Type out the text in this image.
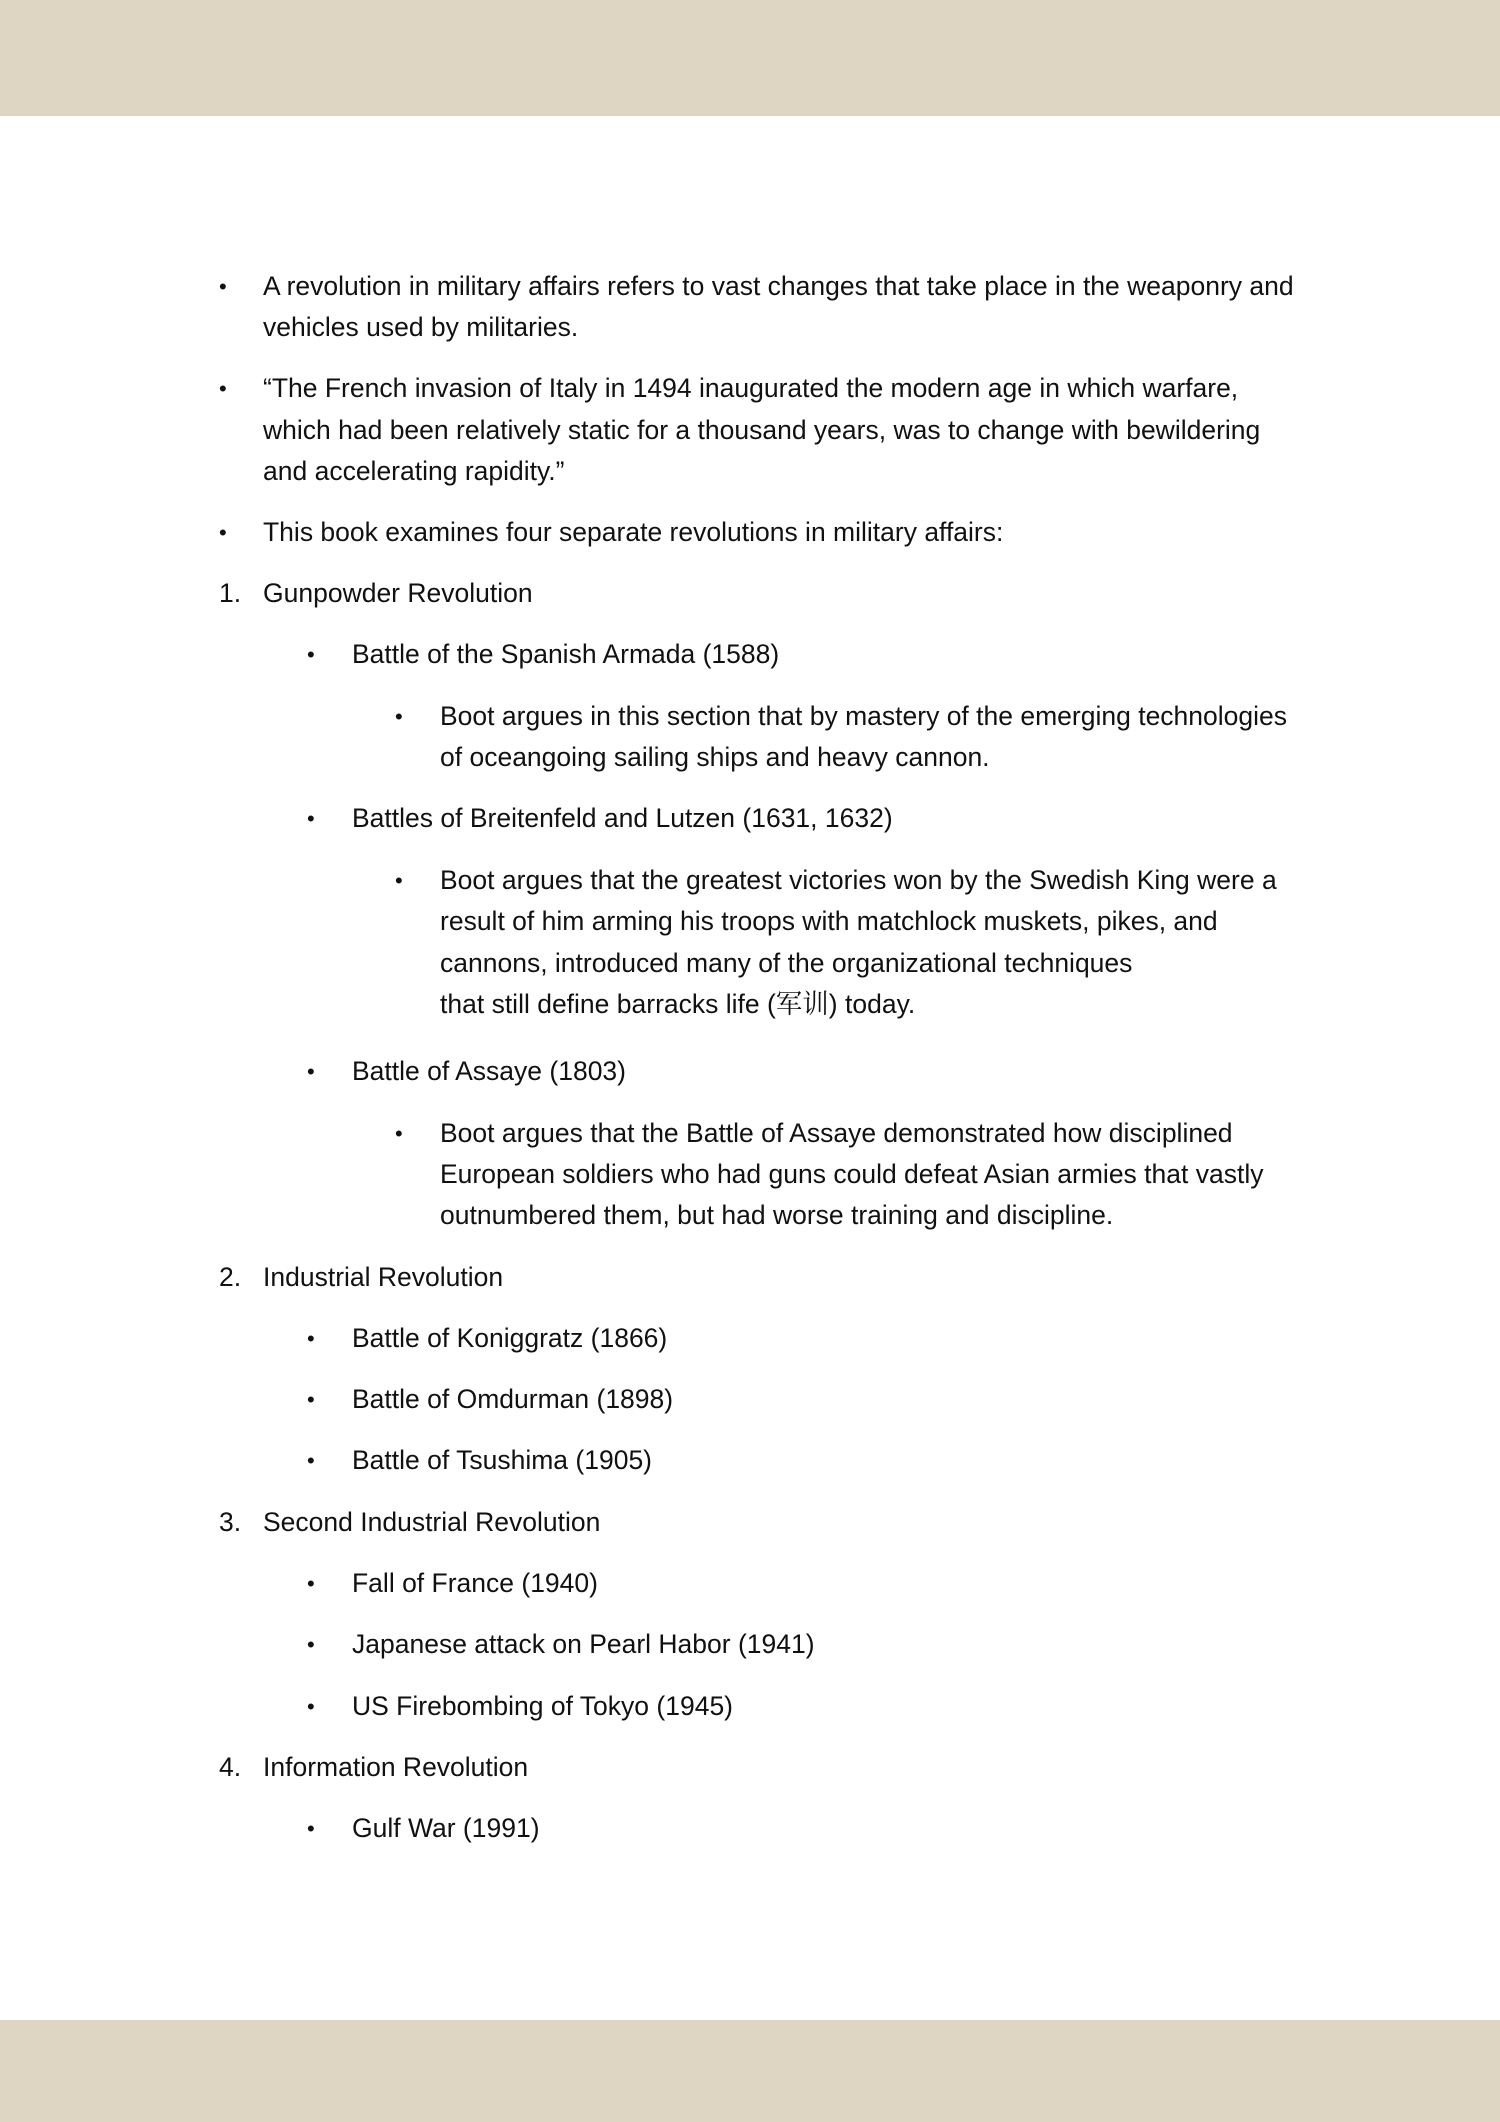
• A revolution in military affairs refers to vast changes that take place in the weaponry and
vehicles used by militaries.
• “The French invasion of Italy in 1494 inaugurated the modern age in which warfare,
which had been relatively static for a thousand years, was to change with bewildering
and accelerating rapidity.”
• This book examines four separate revolutions in military affairs:
1. Gunpowder Revolution
• Battle of the Spanish Armada (1588)
• Boot argues in this section that by mastery of the emerging technologies
of oceangoing sailing ships and heavy cannon.
• Battles of Breitenfeld and Lutzen (1631, 1632)
• Boot argues that the greatest victories won by the Swedish King were a
result of him arming his troops with matchlock muskets, pikes, and
cannons, introduced many of the organizational techniques
that still define barracks life (军训) today.
• Battle of Assaye (1803)
• Boot argues that the Battle of Assaye demonstrated how disciplined
European soldiers who had guns could defeat Asian armies that vastly
outnumbered them, but had worse training and discipline.
2. Industrial Revolution
• Battle of Koniggratz (1866)
• Battle of Omdurman (1898)
• Battle of Tsushima (1905)
3. Second Industrial Revolution
• Fall of France (1940)
• Japanese attack on Pearl Habor (1941)
• US Firebombing of Tokyo (1945)
4. Information Revolution
• Gulf War (1991)
